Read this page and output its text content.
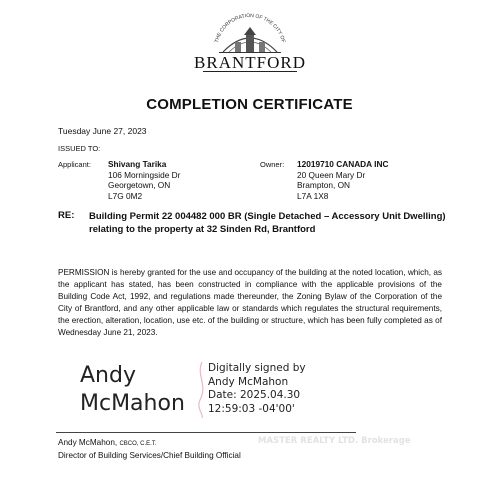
THE CORPORATION OF THE CITY OF
BRANTFORD
COMPLETION CERTIFICATE
Tuesday June 27, 2023
ISSUED TO:
Applicant: Shivang Tarika
106 Morningside Dr
Georgetown, ON
L7G 0M2
Owner: 12019710 CANADA INC
20 Queen Mary Dr
Brampton, ON
L7A 1X8
RE: Building Permit 22 004482 000 BR (Single Detached – Accessory Unit Dwelling) relating to the property at 32 Sinden Rd, Brantford
PERMISSION is hereby granted for the use and occupancy of the building at the noted location, which, as the applicant has stated, has been constructed in compliance with the applicable provisions of the Building Code Act, 1992, and regulations made thereunder, the Zoning Bylaw of the Corporation of the City of Brantford, and any other applicable law or standards which regulates the structural requirements, the erection, alteration, location, use etc. of the building or structure, which has been fully completed as of Wednesday June 21, 2023.
Andy
McMahon
Digitally signed by
Andy McMahon
Date: 2025.04.30
12:59:03 -04'00'
Andy McMahon, CBCO, C.E.T.
Director of Building Services/Chief Building Official
MASTER REALTY LTD. Brokerage
